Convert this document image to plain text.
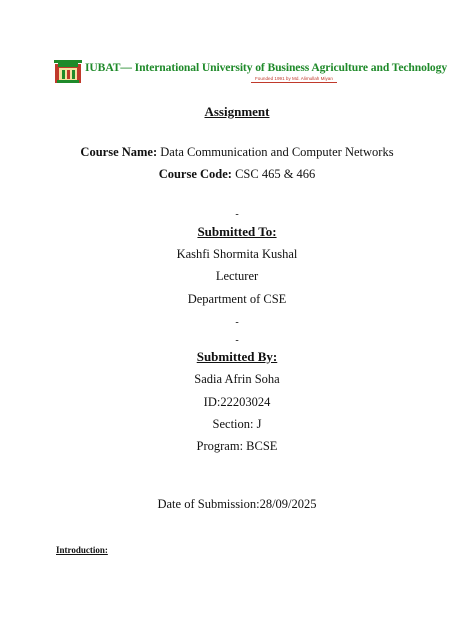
IUBAT— International University of Business Agriculture and Technology
Founded 1991 by Md. Alimullah Miyan
Assignment
Course Name: Data Communication and Computer Networks
Course Code: CSC 465 & 466
-
Submitted To:
Kashfi Shormita Kushal
Lecturer
Department of CSE
-
-
Submitted By:
Sadia Afrin Soha
ID:22203024
Section: J
Program: BCSE
Date of Submission:28/09/2025
Introduction:
